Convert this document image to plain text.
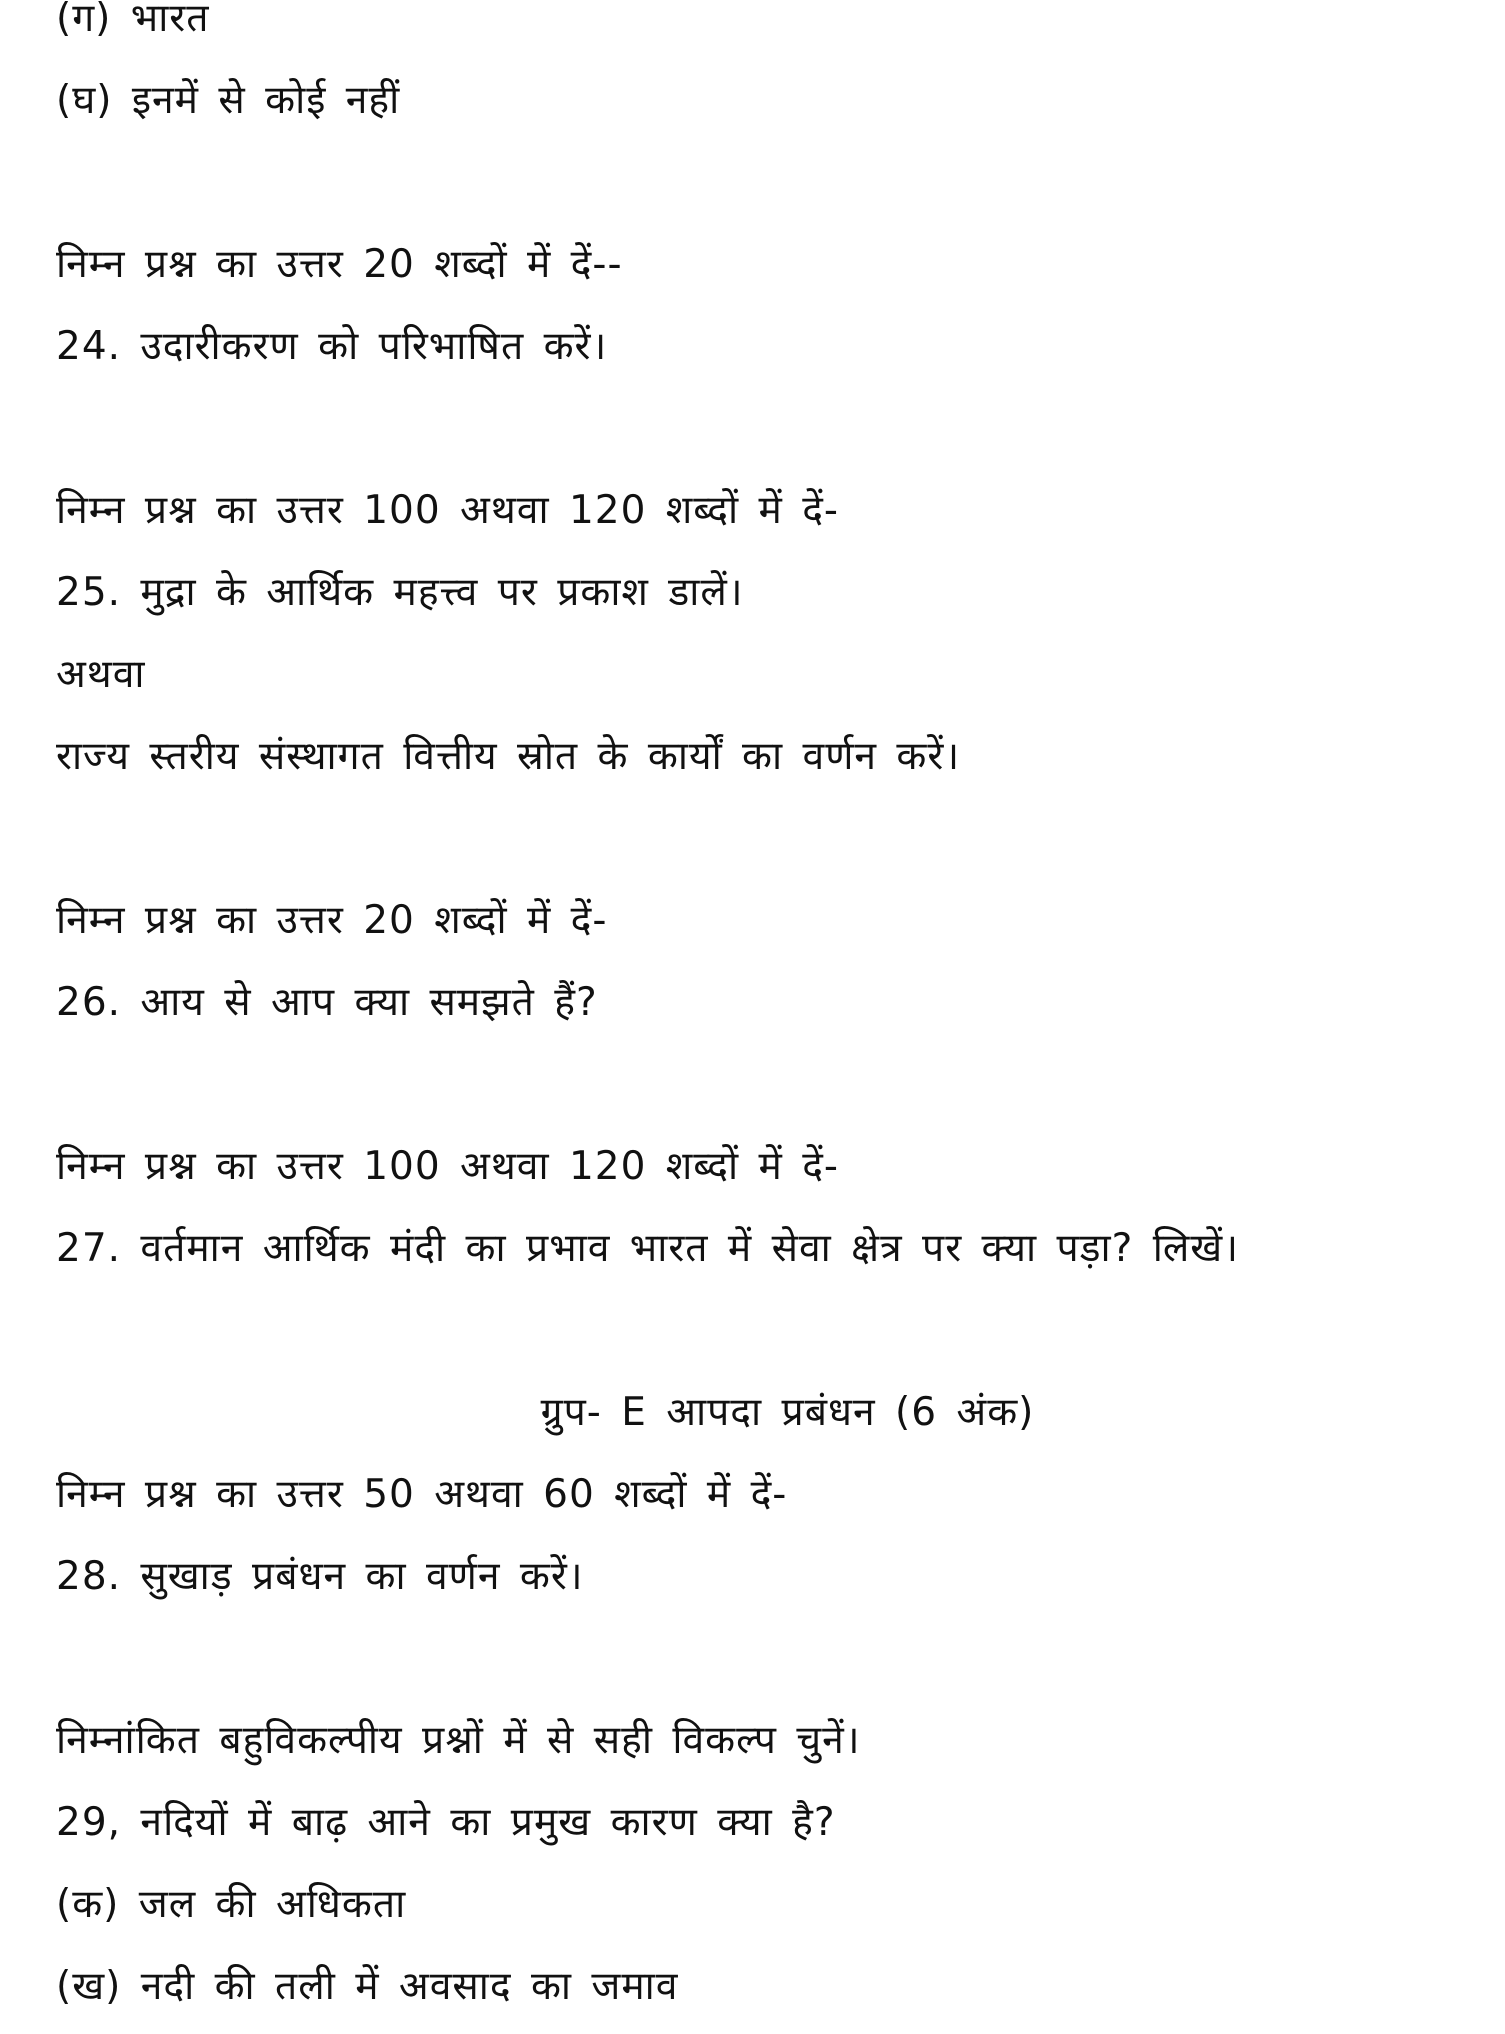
(ग) भारत
(घ) इनमें से कोई नहीं
निम्न प्रश्न का उत्तर 20 शब्दों में दें--
24. उदारीकरण को परिभाषित करें।
निम्न प्रश्न का उत्तर 100 अथवा 120 शब्दों में दें-
25. मुद्रा के आर्थिक महत्त्व पर प्रकाश डालें।
अथवा
राज्य स्तरीय संस्थागत वित्तीय स्रोत के कार्यों का वर्णन करें।
निम्न प्रश्न का उत्तर 20 शब्दों में दें-
26. आय से आप क्या समझते हैं?
निम्न प्रश्न का उत्तर 100 अथवा 120 शब्दों में दें-
27. वर्तमान आर्थिक मंदी का प्रभाव भारत में सेवा क्षेत्र पर क्या पड़ा? लिखें।
ग्रुप- E आपदा प्रबंधन (6 अंक)
निम्न प्रश्न का उत्तर 50 अथवा 60 शब्दों में दें-
28. सुखाड़ प्रबंधन का वर्णन करें।
निम्नांकित बहुविकल्पीय प्रश्नों में से सही विकल्प चुनें।
29, नदियों में बाढ़ आने का प्रमुख कारण क्या है?
(क) जल की अधिकता
(ख) नदी की तली में अवसाद का जमाव
